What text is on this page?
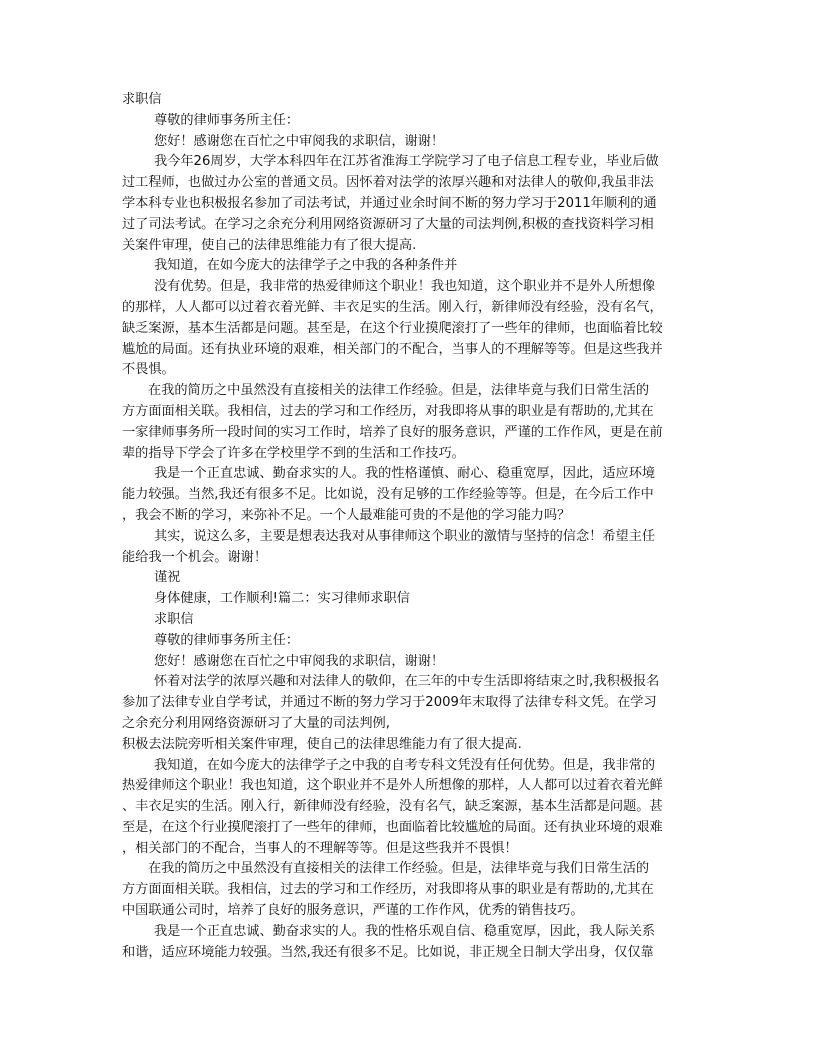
求职信
尊敬的律师事务所主任：
您好！感谢您在百忙之中审阅我的求职信，谢谢！
我今年26周岁，大学本科四年在江苏省淮海工学院学习了电子信息工程专业，毕业后做
过工程师，也做过办公室的普通文员。因怀着对法学的浓厚兴趣和对法律人的敬仰,我虽非法
学本科专业也积极报名参加了司法考试，并通过业余时间不断的努力学习于2011年顺利的通
过了司法考试。在学习之余充分利用网络资源研习了大量的司法判例,积极的查找资料学习相
关案件审理，使自己的法律思维能力有了很大提高.
我知道，在如今庞大的法律学子之中我的各种条件并
没有优势。但是，我非常的热爱律师这个职业！我也知道，这个职业并不是外人所想像
的那样，人人都可以过着衣着光鲜、丰衣足实的生活。刚入行，新律师没有经验，没有名气，
缺乏案源，基本生活都是问题。甚至是，在这个行业摸爬滚打了一些年的律师，也面临着比较
尴尬的局面。还有执业环境的艰难，相关部门的不配合，当事人的不理解等等。但是这些我并
不畏惧。
在我的简历之中虽然没有直接相关的法律工作经验。但是，法律毕竟与我们日常生活的
方方面面相关联。我相信，过去的学习和工作经历，对我即将从事的职业是有帮助的,尤其在
一家律师事务所一段时间的实习工作时，培养了良好的服务意识，严谨的工作作风，更是在前
辈的指导下学会了许多在学校里学不到的生活和工作技巧。
我是一个正直忠诚、勤奋求实的人。我的性格谨慎、耐心、稳重宽厚，因此，适应环境
能力较强。当然,我还有很多不足。比如说，没有足够的工作经验等等。但是，在今后工作中
，我会不断的学习，来弥补不足。一个人最难能可贵的不是他的学习能力吗？
其实，说这么多，主要是想表达我对从事律师这个职业的激情与坚持的信念！希望主任
能给我一个机会。谢谢！
谨祝
身体健康，工作顺利!篇二：实习律师求职信
求职信
尊敬的律师事务所主任：
您好！感谢您在百忙之中审阅我的求职信，谢谢！
怀着对法学的浓厚兴趣和对法律人的敬仰，在三年的中专生活即将结束之时,我积极报名
参加了法律专业自学考试，并通过不断的努力学习于2009年末取得了法律专科文凭。在学习
之余充分利用网络资源研习了大量的司法判例,
积极去法院旁听相关案件审理，使自己的法律思维能力有了很大提高.
我知道，在如今庞大的法律学子之中我的自考专科文凭没有任何优势。但是，我非常的
热爱律师这个职业！我也知道，这个职业并不是外人所想像的那样，人人都可以过着衣着光鲜
、丰衣足实的生活。刚入行，新律师没有经验，没有名气，缺乏案源，基本生活都是问题。甚
至是，在这个行业摸爬滚打了一些年的律师，也面临着比较尴尬的局面。还有执业环境的艰难
，相关部门的不配合，当事人的不理解等等。但是这些我并不畏惧！
在我的简历之中虽然没有直接相关的法律工作经验。但是，法律毕竟与我们日常生活的
方方面面相关联。我相信，过去的学习和工作经历，对我即将从事的职业是有帮助的,尤其在
中国联通公司时，培养了良好的服务意识，严谨的工作作风，优秀的销售技巧。
我是一个正直忠诚、勤奋求实的人。我的性格乐观自信、稳重宽厚，因此，我人际关系
和谐，适应环境能力较强。当然,我还有很多不足。比如说，非正规全日制大学出身，仅仅靠
